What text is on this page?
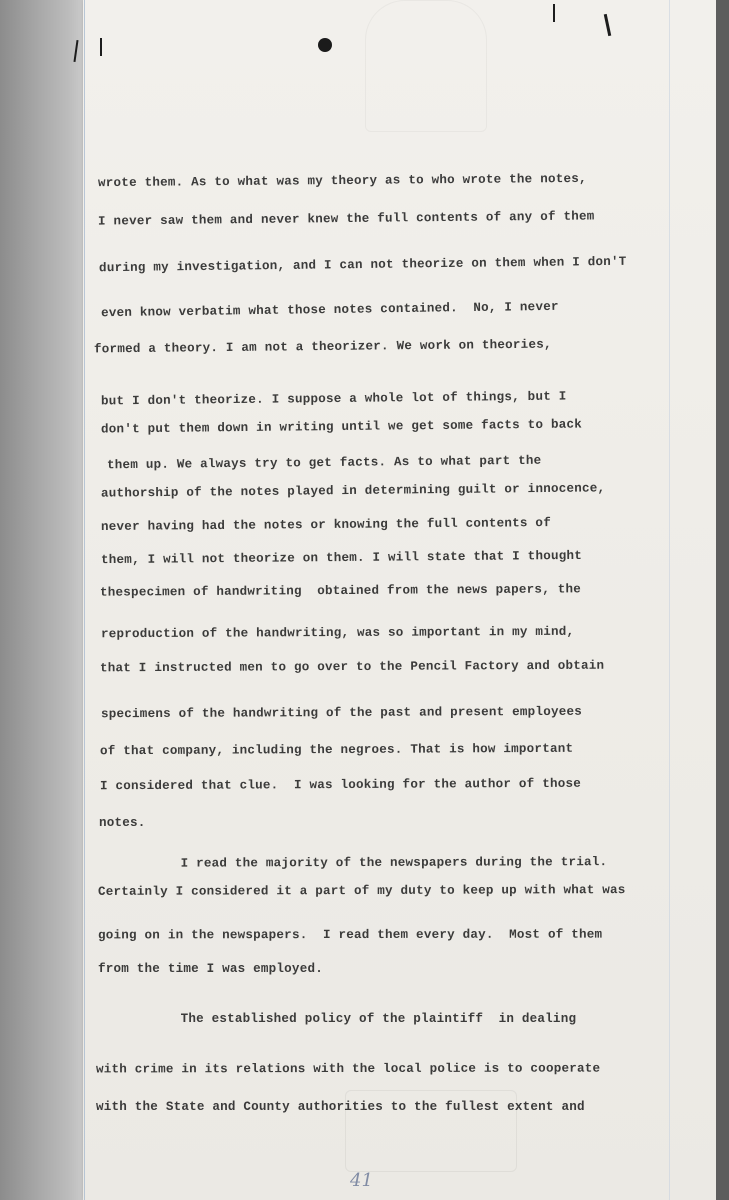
wrote them. As to what was my theory as to who wrote the notes,
I never saw them and never knew the full contents of any of them
during my investigation, and I can not theorize on them when I don'T
even know verbatim what those notes contained.  No, I never
formed a theory. I am not a theorizer. We work on theories,
but I don't theorize. I suppose a whole lot of things, but I
don't put them down in writing until we get some facts to back
them up. We always try to get facts. As to what part the
authorship of the notes played in determining guilt or innocence,
never having had the notes or knowing the full contents of
them, I will not theorize on them. I will state that I thought
thespecimen of handwriting  obtained from the news papers, the
reproduction of the handwriting, was so important in my mind,
that I instructed men to go over to the Pencil Factory and obtain
specimens of the handwriting of the past and present employees
of that company, including the negroes. That is how important
I considered that clue.  I was looking for the author of those
notes.
I read the majority of the newspapers during the trial.
Certainly I considered it a part of my duty to keep up with what was
going on in the newspapers.  I read them every day.  Most of them
from the time I was employed.
The established policy of the plaintiff  in dealing
with crime in its relations with the local police is to cooperate
with the State and County authorities to the fullest extent and
41
